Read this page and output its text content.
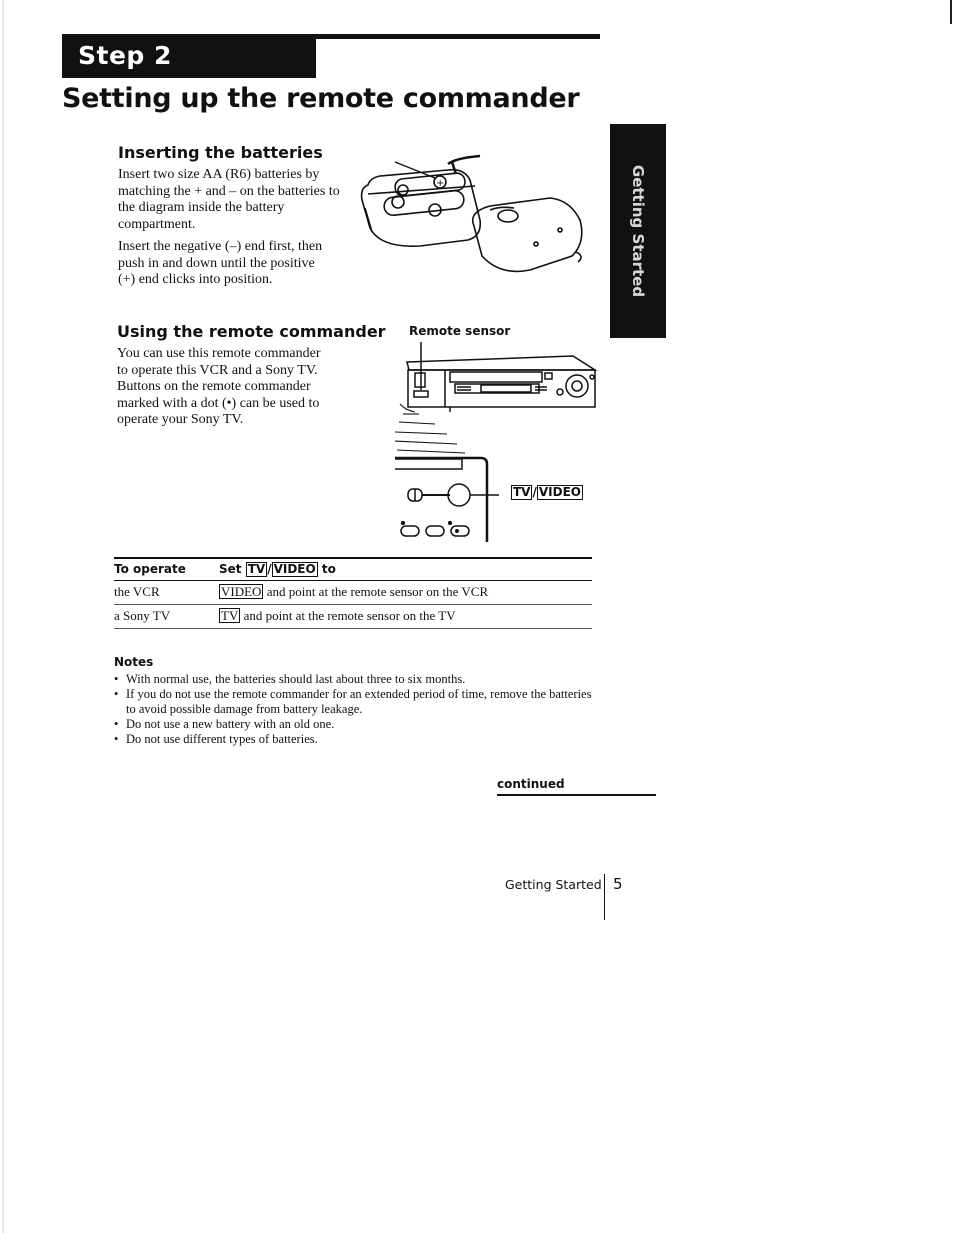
Step 2
Setting up the remote commander
Getting Started
Inserting the batteries

Insert two size AA (R6) batteries by matching the + and – on the batteries to the diagram inside the battery compartment.

Insert the negative (–) end first, then push in and down until the positive (+) end clicks into position.

+
Using the remote commander

You can use this remote commander to operate this VCR and a Sony TV. Buttons on the remote commander marked with a dot (•) can be used to operate your Sony TV.

Remote sensor
TV / VIDEO
To operate	Set TV / VIDEO to
the VCR	VIDEO and point at the remote sensor on the VCR
a Sony TV	TV and point at the remote sensor on the TV
Notes
• With normal use, the batteries should last about three to six months.
• If you do not use the remote commander for an extended period of time, remove the batteries to avoid possible damage from battery leakage.
• Do not use a new battery with an old one.
• Do not use different types of batteries.
continued
Getting Started 5
